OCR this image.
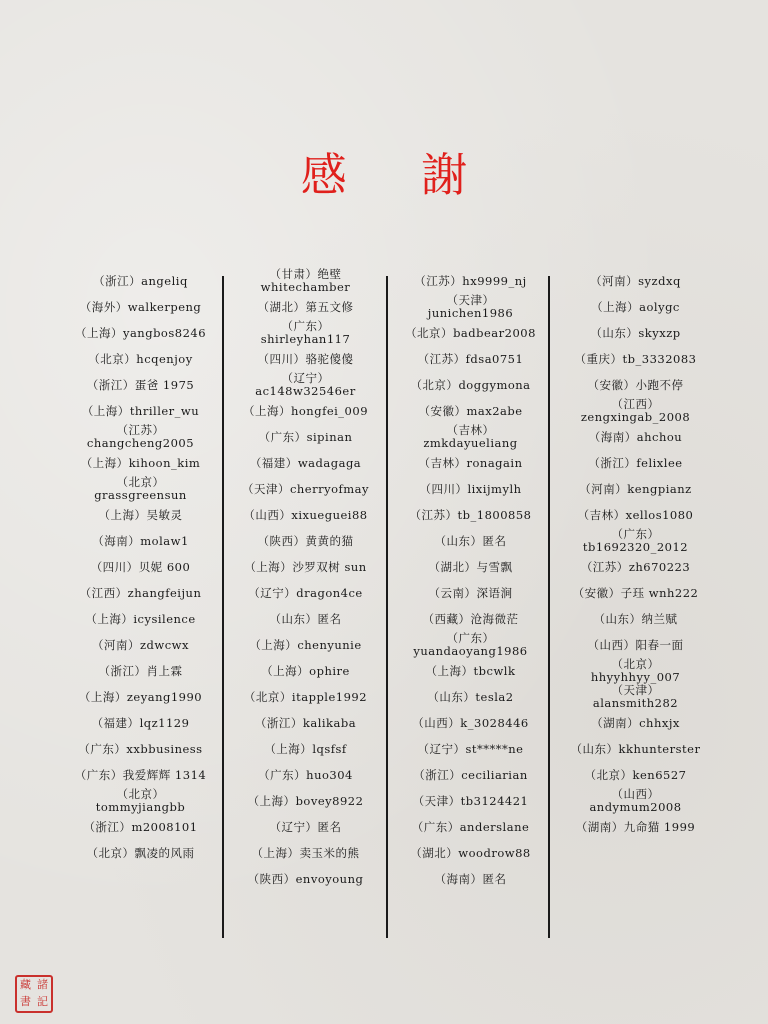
感 謝
（浙江）angeliq
（海外）walkerpeng
（上海）yangbos8246
（北京）hcqenjoy
（浙江）蛋爸 1975
（上海）thriller_wu
（江苏）
changcheng2005
（上海）kihoon_kim
（北京）
grassgreensun
（上海）吴敏灵
（海南）molaw1
（四川）贝妮 600
（江西）zhangfeijun
（上海）icysilence
（河南）zdwcwx
（浙江）肖上霖
（上海）zeyang1990
（福建）lqz1129
（广东）xxbbusiness
（广东）我爱辉辉 1314
（北京）
tommyjiangbb
（浙江）m2008101
（北京）飘凌的风雨
（甘肃）绝壁
whitechamber
（湖北）第五文修
（广东）
shirleyhan117
（四川）骆驼傻傻
（辽宁）
ac148w32546er
（上海）hongfei_009
（广东）sipinan
（福建）wadagaga
（天津）cherryofmay
（山西）xixueguei88
（陕西）黄黄的猫
（上海）沙罗双树 sun
（辽宁）dragon4ce
（山东）匿名
（上海）chenyunie
（上海）ophire
（北京）itapple1992
（浙江）kalikaba
（上海）lqsfsf
（广东）huo304
（上海）bovey8922
（辽宁）匿名
（上海）卖玉米的熊
（陕西）envoyoung
（江苏）hx9999_nj
（天津）
junichen1986
（北京）badbear2008
（江苏）fdsa0751
（北京）doggymona
（安徽）max2abe
（吉林）
zmkdayueliang
（吉林）ronagain
（四川）lixijmylh
（江苏）tb_1800858
（山东）匿名
（湖北）与雪飘
（云南）深语涧
（西藏）沧海微茫
（广东）
yuandaoyang1986
（上海）tbcwlk
（山东）tesla2
（山西）k_3028446
（辽宁）st*****ne
（浙江）ceciliarian
（天津）tb3124421
（广东）anderslane
（湖北）woodrow88
（海南）匿名
（河南）syzdxq
（上海）aolygc
（山东）skyxzp
（重庆）tb_3332083
（安徽）小跑不停
（江西）
zengxingab_2008
（海南）ahchou
（浙江）felixlee
（河南）kengpianz
（吉林）xellos1080
（广东）
tb1692320_2012
（江苏）zh670223
（安徽）子珏 wnh222
（山东）纳兰赋
（山西）阳春一面
（北京）
hhyyhhyy_007
（天津）
alansmith282
（湖南）chhxjx
（山东）kkhunterster
（北京）ken6527
（山西）
andymum2008
（湖南）九命猫 1999
藏 諸
書 記
